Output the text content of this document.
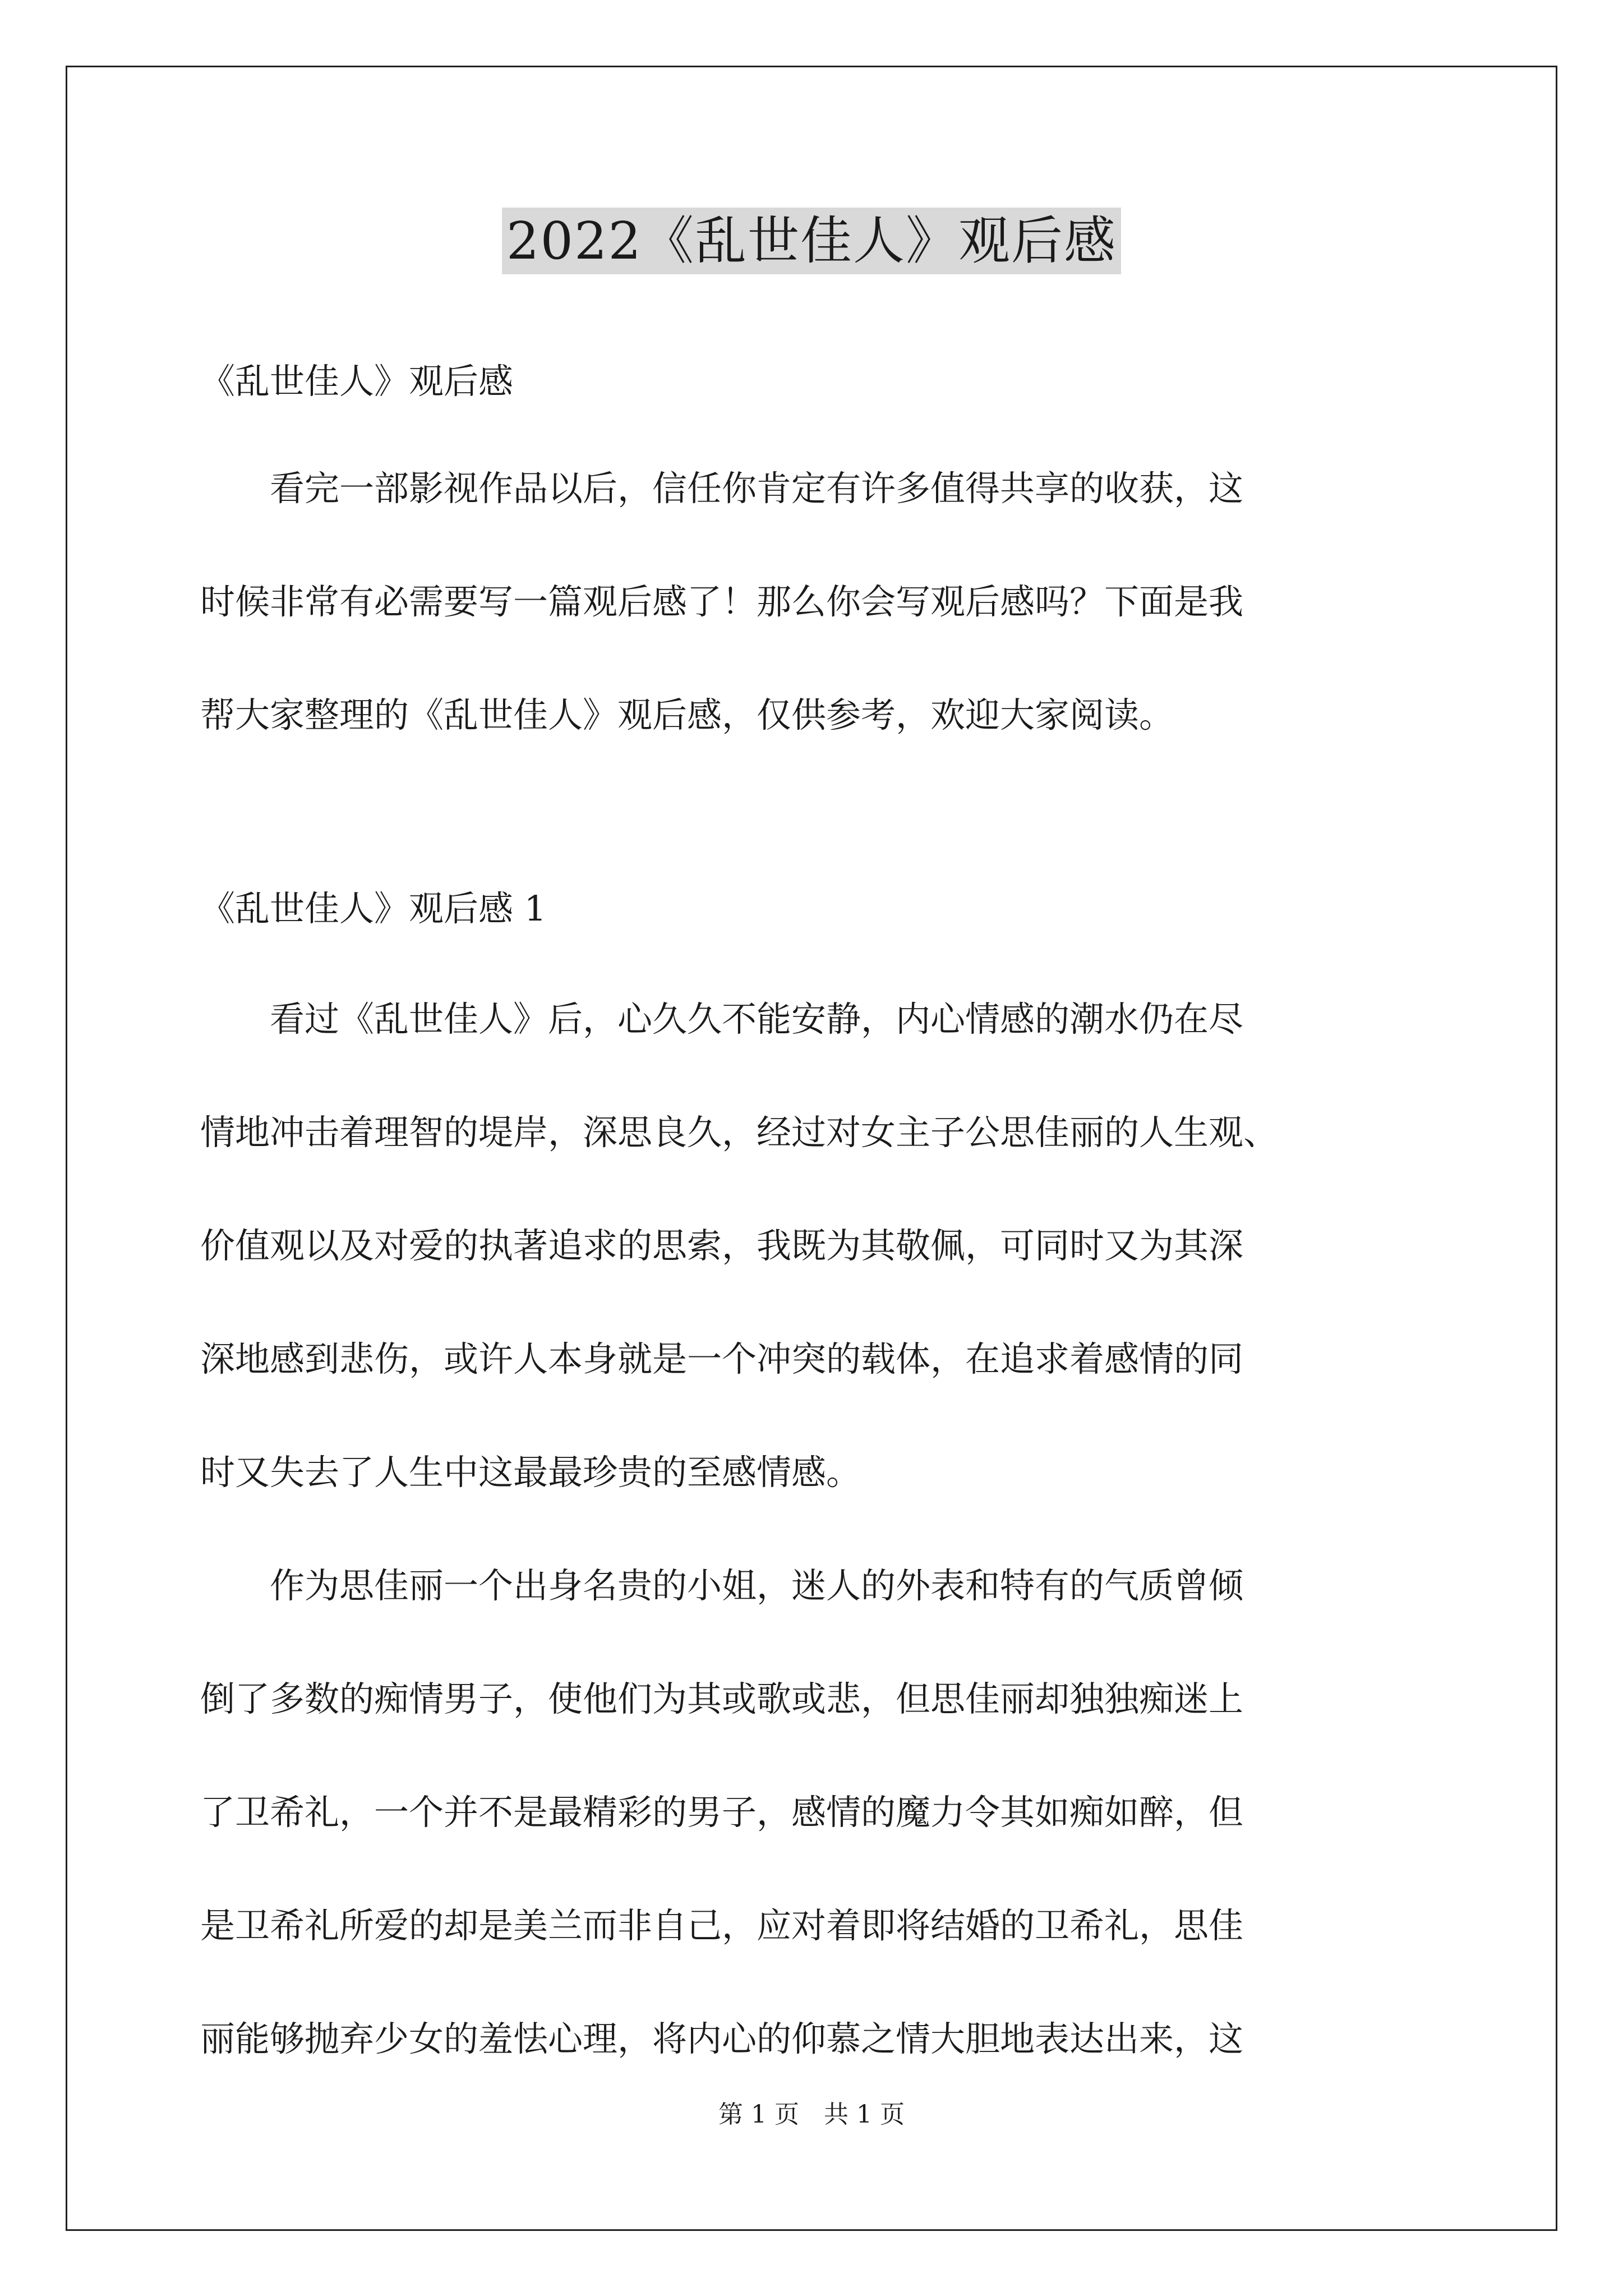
2022《乱世佳人》观后感
《乱世佳人》观后感
看完一部影视作品以后，信任你肯定有许多值得共享的收获，这
时候非常有必需要写一篇观后感了！那么你会写观后感吗？下面是我
帮大家整理的《乱世佳人》观后感，仅供参考，欢迎大家阅读。
《乱世佳人》观后感 1
看过《乱世佳人》后，心久久不能安静，内心情感的潮水仍在尽
情地冲击着理智的堤岸，深思良久，经过对女主子公思佳丽的人生观、
价值观以及对爱的执著追求的思索，我既为其敬佩，可同时又为其深
深地感到悲伤，或许人本身就是一个冲突的载体，在追求着感情的同
时又失去了人生中这最最珍贵的至感情感。
作为思佳丽一个出身名贵的小姐，迷人的外表和特有的气质曾倾
倒了多数的痴情男子，使他们为其或歌或悲，但思佳丽却独独痴迷上
了卫希礼，一个并不是最精彩的男子，感情的魔力令其如痴如醉，但
是卫希礼所爱的却是美兰而非自己，应对着即将结婚的卫希礼，思佳
丽能够抛弃少女的羞怯心理，将内心的仰慕之情大胆地表达出来，这
第 1 页　共 1 页
